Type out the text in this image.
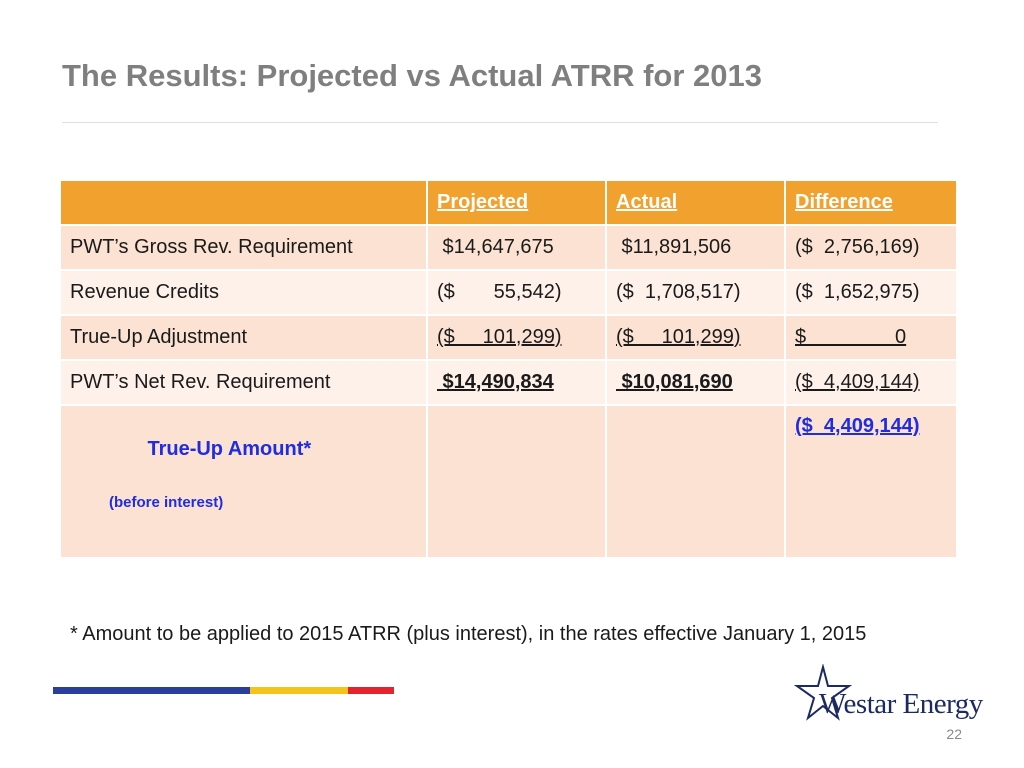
The Results: Projected vs Actual ATRR for 2013
	Projected	Actual	Difference
PWT’s Gross Rev. Requirement	$14,647,675	$11,891,506	($  2,756,169)
Revenue Credits	($       55,542)	($  1,708,517)	($  1,652,975)
True-Up Adjustment	($     101,299)	($     101,299)	$                0
PWT’s Net Rev. Requirement	$14,490,834	$10,081,690	($  4,409,144)

True-Up Amount*

(before interest)			($  4,409,144)
* Amount to be applied to 2015 ATRR (plus interest), in the rates effective January 1, 2015
Westar Energy
22
